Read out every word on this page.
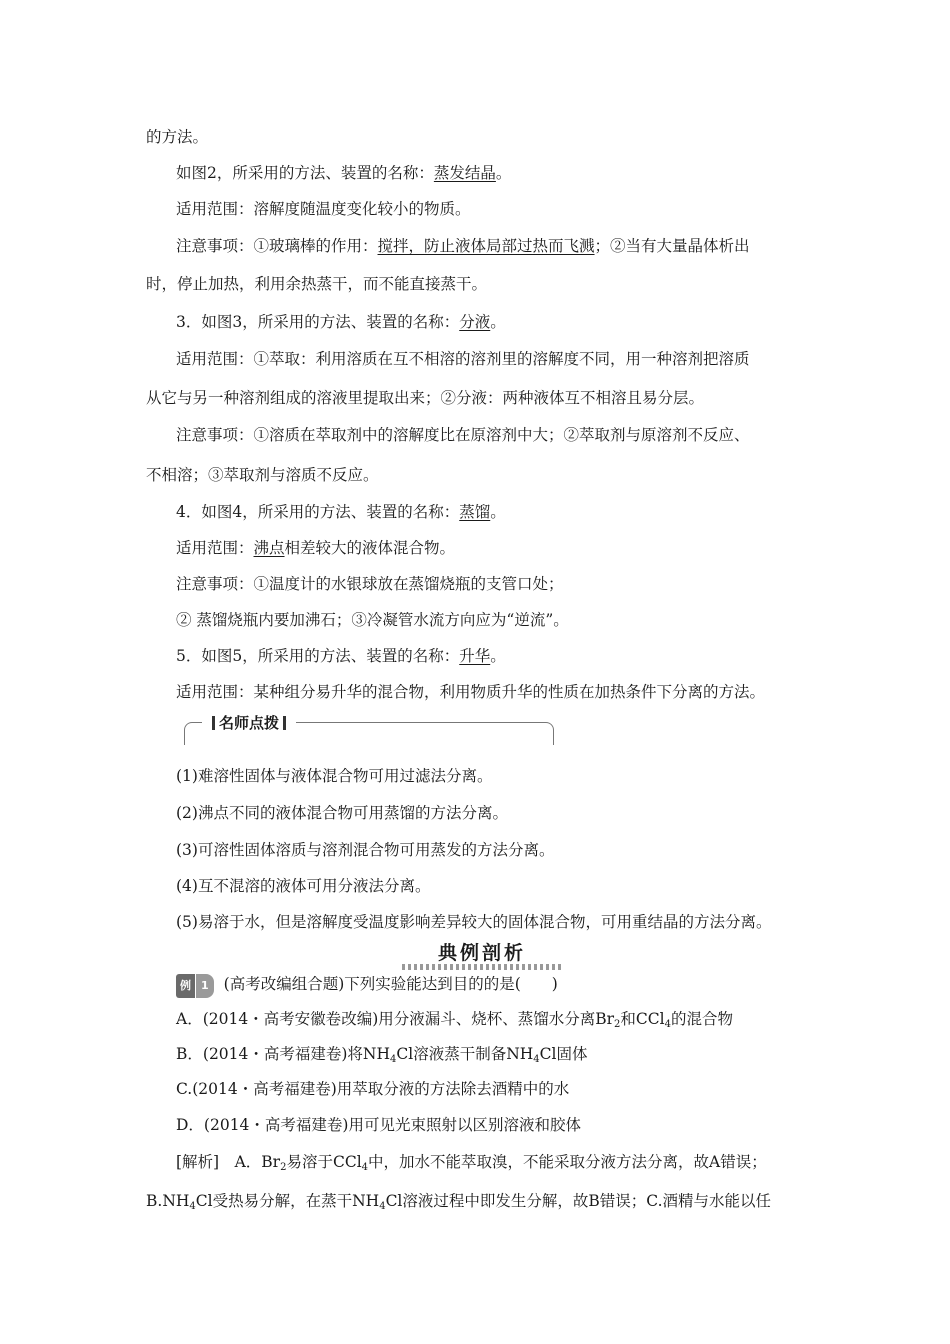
的方法。
如图2，所采用的方法、装置的名称：蒸发结晶。
适用范围：溶解度随温度变化较小的物质。
注意事项：①玻璃棒的作用：搅拌，防止液体局部过热而飞溅；②当有大量晶体析出
时，停止加热，利用余热蒸干，而不能直接蒸干。
3．如图3，所采用的方法、装置的名称：分液。
适用范围：①萃取：利用溶质在互不相溶的溶剂里的溶解度不同，用一种溶剂把溶质
从它与另一种溶剂组成的溶液里提取出来；②分液：两种液体互不相溶且易分层。
注意事项：①溶质在萃取剂中的溶解度比在原溶剂中大；②萃取剂与原溶剂不反应、
不相溶；③萃取剂与溶质不反应。
4．如图4，所采用的方法、装置的名称：蒸馏。
适用范围：沸点相差较大的液体混合物。
注意事项：①温度计的水银球放在蒸馏烧瓶的支管口处；
② 蒸馏烧瓶内要加沸石；③冷凝管水流方向应为“逆流”。
5．如图5，所采用的方法、装置的名称：升华。
适用范围：某种组分易升华的混合物，利用物质升华的性质在加热条件下分离的方法。
名师点拨
(1)难溶性固体与液体混合物可用过滤法分离。
(2)沸点不同的液体混合物可用蒸馏的方法分离。
(3)可溶性固体溶质与溶剂混合物可用蒸发的方法分离。
(4)互不混溶的液体可用分液法分离。
(5)易溶于水，但是溶解度受温度影响差异较大的固体混合物，可用重结晶的方法分离。
典例剖析
例 1 (高考改编组合题)下列实验能达到目的的是(　　)
A．(2014・高考安徽卷改编)用分液漏斗、烧杯、蒸馏水分离$Br_2$和CCl$_4$的混合物
B．(2014・高考福建卷)将$NH_4Cl$溶液蒸干制备$NH_4Cl$固体
C.(2014・高考福建卷)用萃取分液的方法除去酒精中的水
D．(2014・高考福建卷)用可见光束照射以区别溶液和胶体
[解析]　A．$Br_2$易溶于CCl$_4$中，加水不能萃取溴，不能采取分液方法分离，故A错误；
$B.NH_4Cl$受热易分解，在蒸干$NH_4Cl$溶液过程中即发生分解，故B错误；C.酒精与水能以任
